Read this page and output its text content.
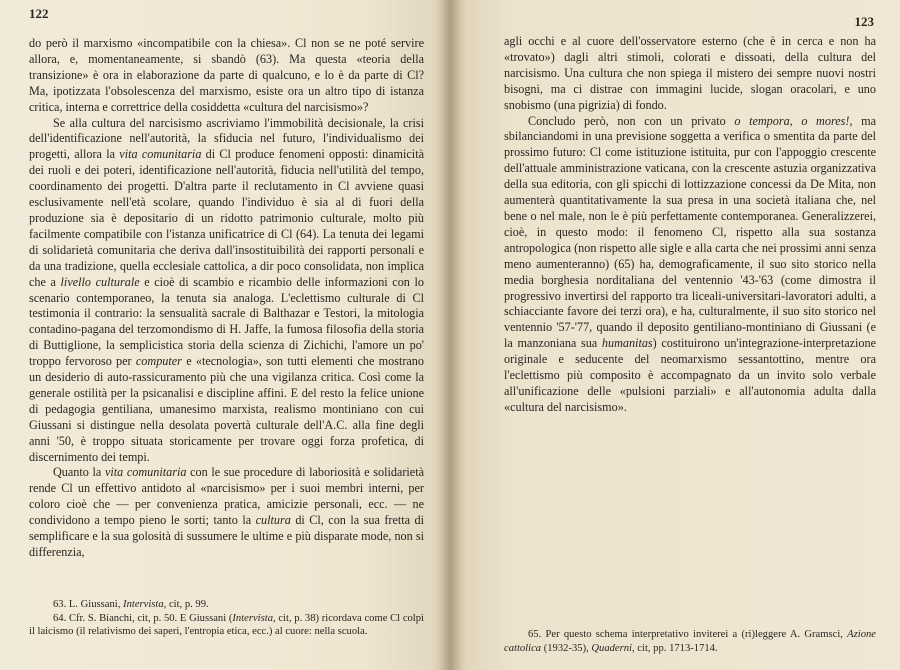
122

do però il marxismo «incompatibile con la chiesa». Cl non se ne poté servire allora, e, momentaneamente, si sbandò (63). Ma questa «teoria della transizione» è ora in elaborazione da parte di qualcuno, e lo è da parte di Cl? Ma, ipotizzata l'obsolescenza del marxismo, esiste ora un altro tipo di istanza critica, interna e correttrice della cosiddetta «cultura del narcisismo»?

Se alla cultura del narcisismo ascriviamo l'immobilità decisionale, la crisi dell'identificazione nell'autorità, la sfiducia nel futuro, l'individualismo dei progetti, allora la vita comunitaria di Cl produce fenomeni opposti: dinamicità dei ruoli e dei poteri, identificazione nell'autorità, fiducia nell'utilità del tempo, coordinamento dei progetti. D'altra parte il reclutamento in Cl avviene quasi esclusivamente nell'età scolare, quando l'individuo è sia al di fuori della produzione sia è depositario di un ridotto patrimonio culturale, molto più facilmente compatibile con l'istanza unificatrice di Cl (64). La tenuta dei legami di solidarietà comunitaria che deriva dall'insostituibilità dei rapporti personali e da una tradizione, quella ecclesiale cattolica, a dir poco consolidata, non implica che a livello culturale e cioè di scambio e ricambio delle informazioni con lo scenario contemporaneo, la tenuta sia analoga. L'eclettismo culturale di Cl testimonia il contrario: la sensualità sacrale di Balthazar e Testori, la mitologia contadino-pagana del terzomondismo di H. Jaffe, la fumosa filosofia della storia di Buttiglione, la semplicistica storia della scienza di Zichichi, l'amore un po' troppo fervoroso per computer e «tecnologia», son tutti elementi che mostrano un desiderio di auto-rassicuramento più che una vigilanza critica. Così come la generale ostilità per la psicanalisi e discipline affini. E del resto la felice unione di pedagogia gentiliana, umanesimo marxista, realismo montiniano con cui Giussani si distingue nella desolata povertà culturale dell'A.C. alla fine degli anni '50, è troppo situata storicamente per trovare oggi forza profetica, di discernimento dei tempi.

Quanto la vita comunitaria con le sue procedure di laboriosità e solidarietà rende Cl un effettivo antidoto al «narcisismo» per i suoi membri interni, per coloro cioè che — per convenienza pratica, amicizie personali, ecc. — ne condividono a tempo pieno le sorti; tanto la cultura di Cl, con la sua fretta di semplificare e la sua golosità di sussumere le ultime e più disparate mode, non si differenzia,

63. L. Giussani, Intervista, cit, p. 99.

64. Cfr. S. Bianchi, cit, p. 50. E Giussani (Intervista, cit, p. 38) ricordava come Cl colpì il laicismo (il relativismo dei saperi, l'entropia etica, ecc.) al cuore: nella scuola.

123

agli occhi e al cuore dell'osservatore esterno (che è in cerca e non ha «trovato») dagli altri stimoli, colorati e dissoati, della cultura del narcisismo. Una cultura che non spiega il mistero dei sempre nuovi nostri bisogni, ma ci distrae con immagini lucide, slogan oracolari, e uno snobismo (una pigrizia) di fondo.

Concludo però, non con un privato o tempora, o mores!, ma sbilanciandomi in una previsione soggetta a verifica o smentita da parte del prossimo futuro: Cl come istituzione istituita, pur con l'appoggio crescente dell'attuale amministrazione vaticana, con la crescente astuzia organizzativa della sua editoria, con gli spicchi di lottizzazione concessi da De Mita, non aumenterà quantitativamente la sua presa in una società italiana che, nel bene o nel male, non le è più perfettamente contemporanea. Generalizzerei, cioè, in questo modo: il fenomeno Cl, rispetto alla sua sostanza antropologica (non rispetto alle sigle e alla carta che nei prossimi anni senza meno aumenteranno) (65) ha, demograficamente, il suo sito storico nella media borghesia norditaliana del ventennio '43-'63 (come dimostra il progressivo invertirsi del rapporto tra liceali-universitari-lavoratori adulti, a schiacciante favore dei terzi ora), e ha, culturalmente, il suo sito storico nel ventennio '57-'77, quando il deposito gentiliano-montiniano di Giussani (e la manzoniana sua humanitas) costituirono un'integrazione-interpretazione originale e seducente del neomarxismo sessantottino, mentre ora l'eclettismo più composito è accompagnato da un invito solo verbale all'unificazione delle «pulsioni parziali» e all'autonomia adulta dalla «cultura del narcisismo».

65. Per questo schema interpretativo inviterei a (ri)leggere A. Gramsci, Azione cattolica (1932-35), Quaderni, cit, pp. 1713-1714.
